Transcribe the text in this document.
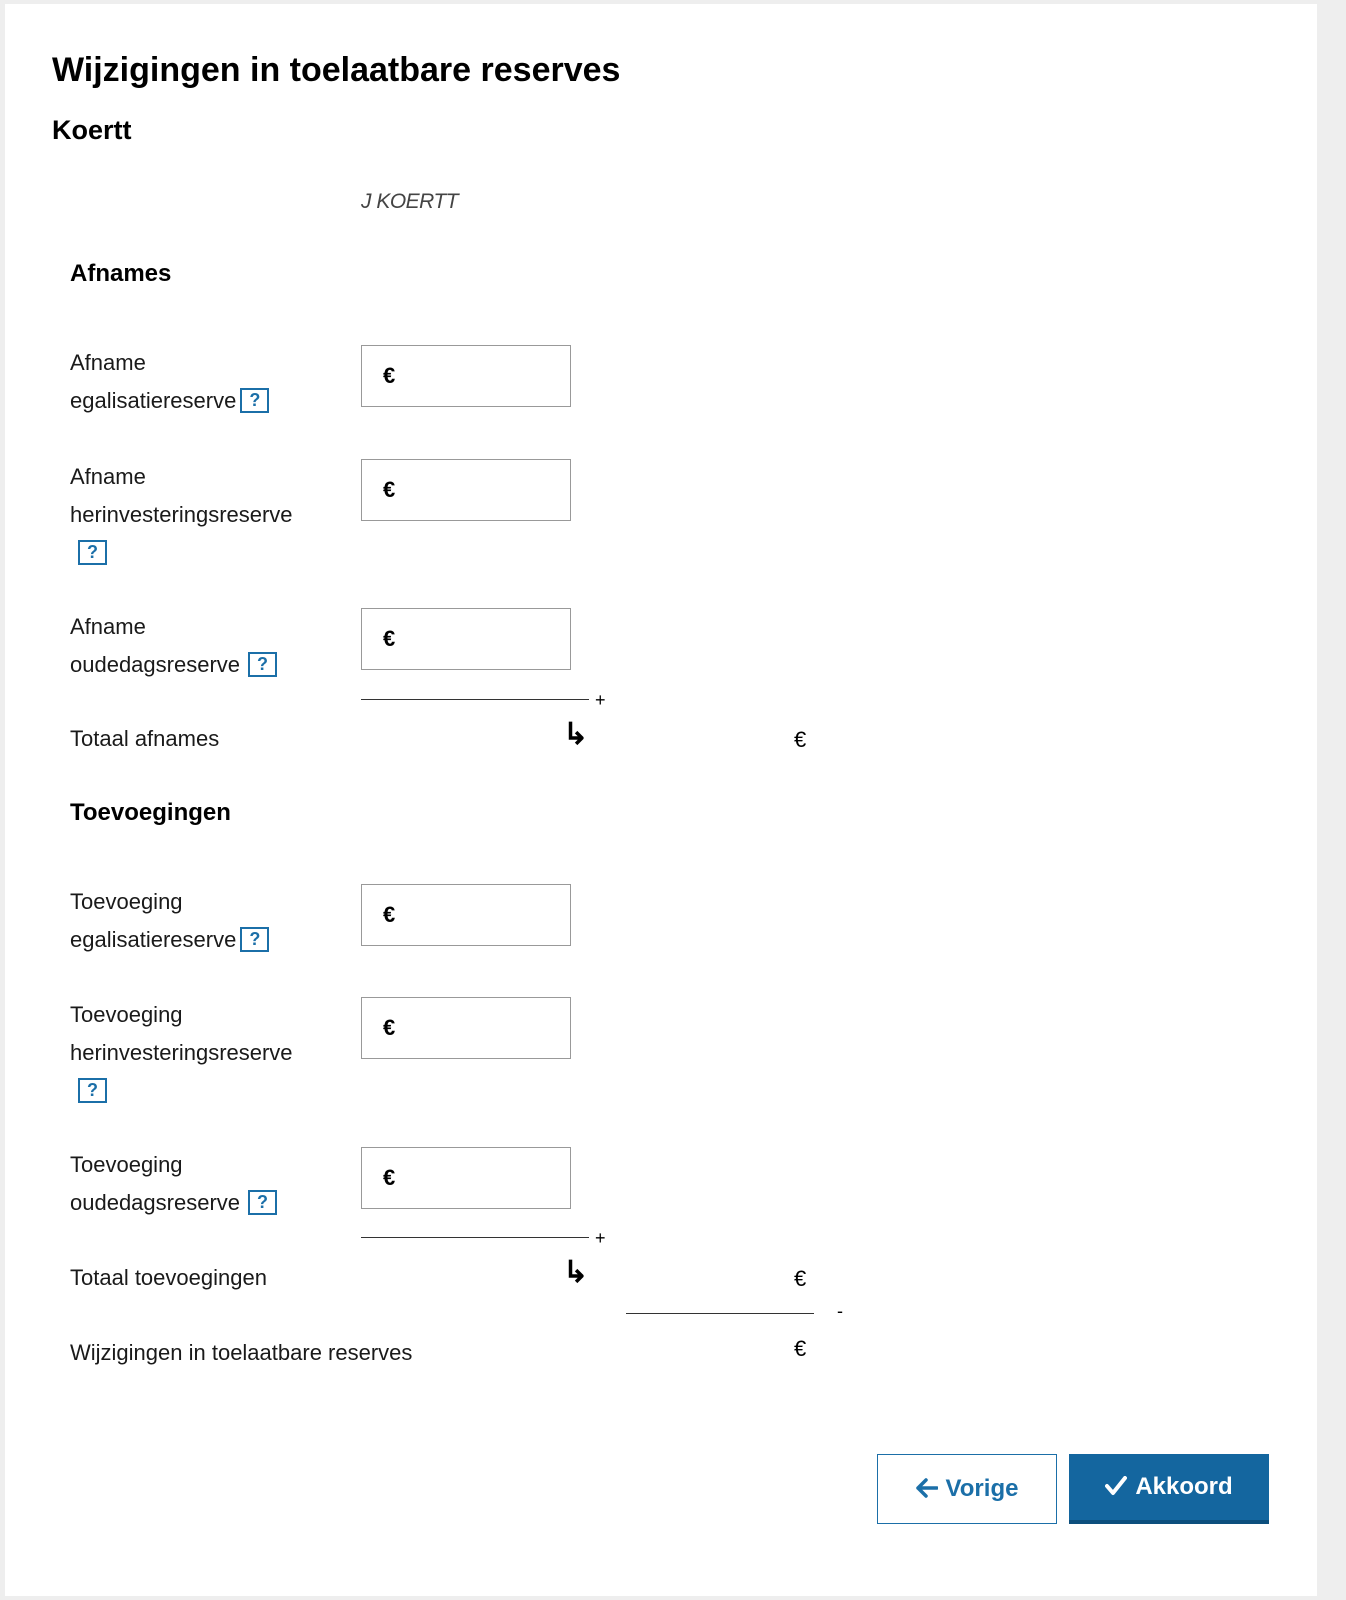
Wijzigingen in toelaatbare reserves
Koertt
J KOERTT
Afnames
Afname
egalisatiereserve ?
€
Afname
herinvesteringsreserve
?
€
Afname
oudedagsreserve ?
€
+
Totaal afnames	↳	€
Toevoegingen
Toevoeging
egalisatiereserve ?
€
Toevoeging
herinvesteringsreserve
?
€
Toevoeging
oudedagsreserve ?
€
+
Totaal toevoegingen	↳	€
-
Wijzigingen in toelaatbare reserves	€
Vorige	Akkoord
